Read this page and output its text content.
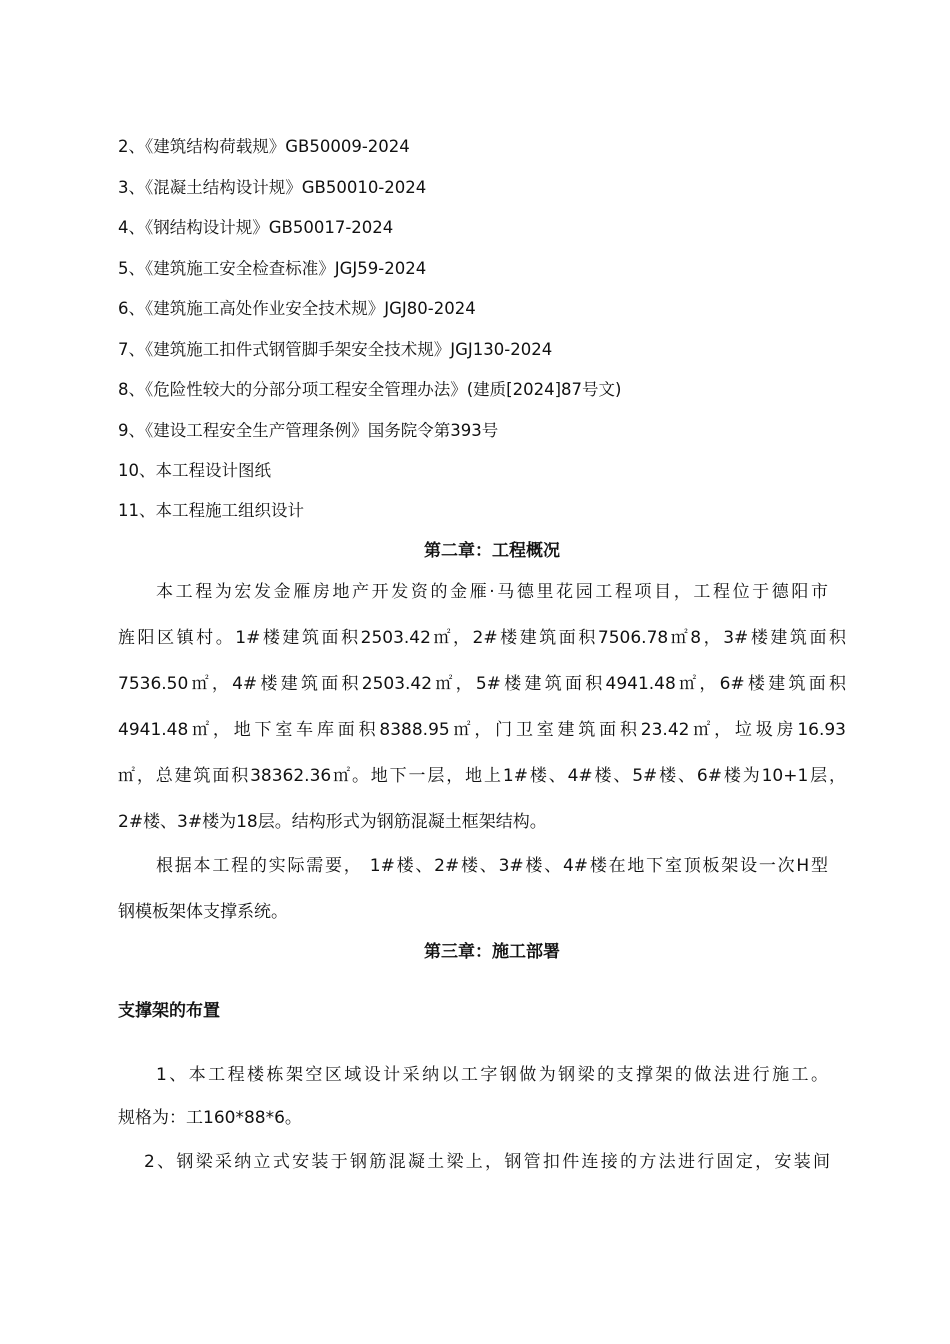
2、《建筑结构荷载规》GB50009-2024
3、《混凝土结构设计规》GB50010-2024
4、《钢结构设计规》GB50017-2024
5、《建筑施工安全检查标准》JGJ59-2024
6、《建筑施工高处作业安全技术规》JGJ80-2024
7、《建筑施工扣件式钢管脚手架安全技术规》JGJ130-2024
8、《危险性较大的分部分项工程安全管理办法》(建质[2024]87号文)
9、《建设工程安全生产管理条例》国务院令第393号
10、本工程设计图纸
11、本工程施工组织设计
第二章：工程概况
本工程为宏发金雁房地产开发资的金雁·马德里花园工程项目，工程位于德阳市
旌阳区镇村。1#楼建筑面积2503.42㎡，2#楼建筑面积7506.78㎡8，3#楼建筑面积
7536.50㎡，4#楼建筑面积2503.42㎡，5#楼建筑面积4941.48㎡，6#楼建筑面积
4941.48㎡，地下室车库面积8388.95㎡，门卫室建筑面积23.42㎡，垃圾房16.93
㎡，总建筑面积38362.36㎡。地下一层，地上1#楼、4#楼、5#楼、6#楼为10+1层，
2#楼、3#楼为18层。结构形式为钢筋混凝土框架结构。
根据本工程的实际需要， 1#楼、2#楼、3#楼、4#楼在地下室顶板架设一次H型
钢模板架体支撑系统。
第三章：施工部署
支撑架的布置
1、本工程楼栋架空区域设计采纳以工字钢做为钢梁的支撑架的做法进行施工。
规格为：工160*88*6。
2、钢梁采纳立式安装于钢筋混凝土梁上，钢管扣件连接的方法进行固定，安装间
